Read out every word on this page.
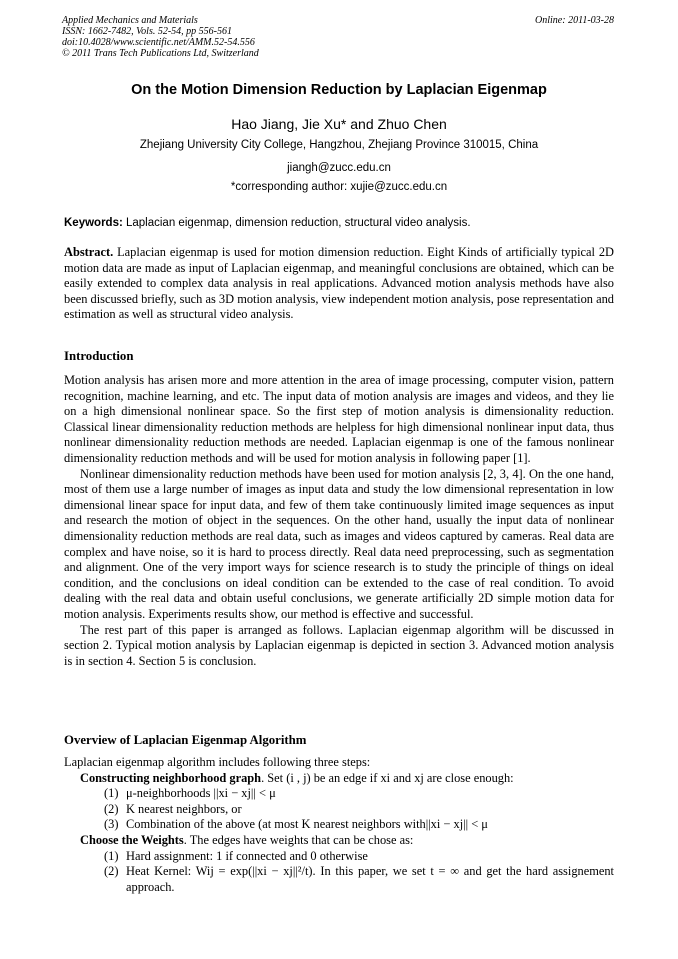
Applied Mechanics and Materials
ISSN: 1662-7482, Vols. 52-54, pp 556-561
doi:10.4028/www.scientific.net/AMM.52-54.556
© 2011 Trans Tech Publications Ltd, Switzerland
Online: 2011-03-28
On the Motion Dimension Reduction by Laplacian Eigenmap
Hao Jiang, Jie Xu* and Zhuo Chen
Zhejiang University City College, Hangzhou, Zhejiang Province 310015, China
jiangh@zucc.edu.cn
*corresponding author: xujie@zucc.edu.cn
Keywords: Laplacian eigenmap, dimension reduction, structural video analysis.
Abstract. Laplacian eigenmap is used for motion dimension reduction. Eight Kinds of artificially typical 2D motion data are made as input of Laplacian eigenmap, and meaningful conclusions are obtained, which can be easily extended to complex data analysis in real applications. Advanced motion analysis methods have also been discussed briefly, such as 3D motion analysis, view independent motion analysis, pose representation and estimation as well as structural video analysis.
Introduction

Motion analysis has arisen more and more attention in the area of image processing, computer vision, pattern recognition, machine learning, and etc. The input data of motion analysis are images and videos, and they lie on a high dimensional nonlinear space. So the first step of motion analysis is dimensionality reduction. Classical linear dimensionality reduction methods are helpless for high dimensional nonlinear input data, thus nonlinear dimensionality reduction methods are needed. Laplacian eigenmap is one of the famous nonlinear dimensionality reduction methods and will be used for motion analysis in following paper [1].

Nonlinear dimensionality reduction methods have been used for motion analysis [2, 3, 4]. On the one hand, most of them use a large number of images as input data and study the low dimensional representation in low dimensional linear space for input data, and few of them take continuously limited image sequences as input and research the motion of object in the sequences. On the other hand, usually the input data of nonlinear dimensionality reduction methods are real data, such as images and videos captured by cameras. Real data are complex and have noise, so it is hard to process directly. Real data need preprocessing, such as segmentation and alignment. One of the very import ways for science research is to study the principle of things on ideal condition, and the conclusions on ideal condition can be extended to the case of real condition. To avoid dealing with the real data and obtain useful conclusions, we generate artificially 2D simple motion data for motion analysis. Experiments results show, our method is effective and successful.

The rest part of this paper is arranged as follows. Laplacian eigenmap algorithm will be discussed in section 2. Typical motion analysis by Laplacian eigenmap is depicted in section 3. Advanced motion analysis is in section 4. Section 5 is conclusion.

Overview of Laplacian Eigenmap Algorithm

Laplacian eigenmap algorithm includes following three steps:

Constructing neighborhood graph. Set (i , j) be an edge if xi and xj are close enough:

(1) μ-neighborhoods ||xi − xj|| < μ
(2) K nearest neighbors, or
(3) Combination of the above (at most K nearest neighbors with||xi − xj|| < μ

Choose the Weights. The edges have weights that can be chose as:

(1) Hard assignment: 1 if connected and 0 otherwise
(2) Heat Kernel: Wij = exp(||xi − xj||²/t). In this paper, we set t = ∞ and get the hard assignement approach.
